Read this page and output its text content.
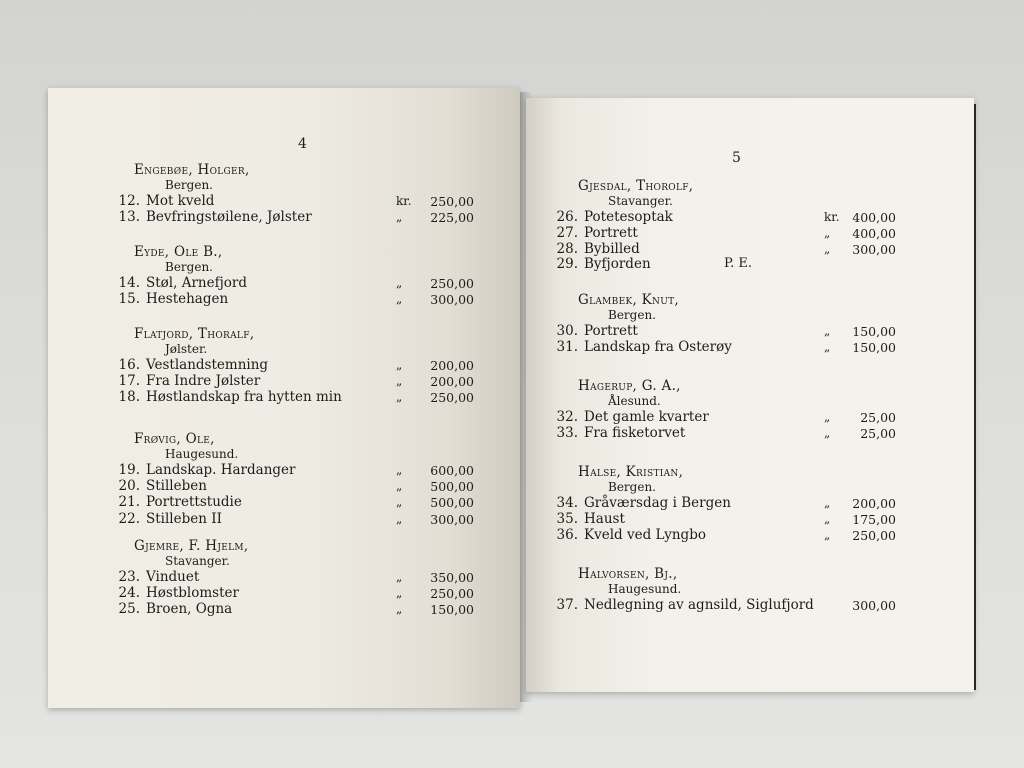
4
Engebøe, Holger,
Bergen.
12. Mot kveld	kr.	250,00
13. Bevfringstøilene, Jølster	„	225,00
Eyde, Ole B.,
Bergen.
14. Støl, Arnefjord	„	250,00
15. Hestehagen	„	300,00
Flatjord, Thoralf,
Jølster.
16. Vestlandstemning	„	200,00
17. Fra Indre Jølster	„	200,00
18. Høstlandskap fra hytten min	„	250,00
Frøvig, Ole,
Haugesund.
19. Landskap. Hardanger	„	600,00
20. Stilleben	„	500,00
21. Portrettstudie	„	500,00
22. Stilleben II	„	300,00
Gjemre, F. Hjelm,
Stavanger.
23. Vinduet	„	350,00
24. Høstblomster	„	250,00
25. Broen, Ogna	„	150,00
5
Gjesdal, Thorolf,
Stavanger.
26. Potetesoptak	kr.	400,00
27. Portrett	„	400,00
28. Bybilled	„	300,00
29. Byfjorden	P. E.
Glambek, Knut,
Bergen.
30. Portrett	„	150,00
31. Landskap fra Osterøy	„	150,00
Hagerup, G. A.,
Ålesund.
32. Det gamle kvarter	„	25,00
33. Fra fisketorvet	„	25,00
Halse, Kristian,
Bergen.
34. Gråværsdag i Bergen	„	200,00
35. Haust	„	175,00
36. Kveld ved Lyngbo	„	250,00
Halvorsen, Bj.,
Haugesund.
37. Nedlegning av agnsild, Siglufjord	300,00
